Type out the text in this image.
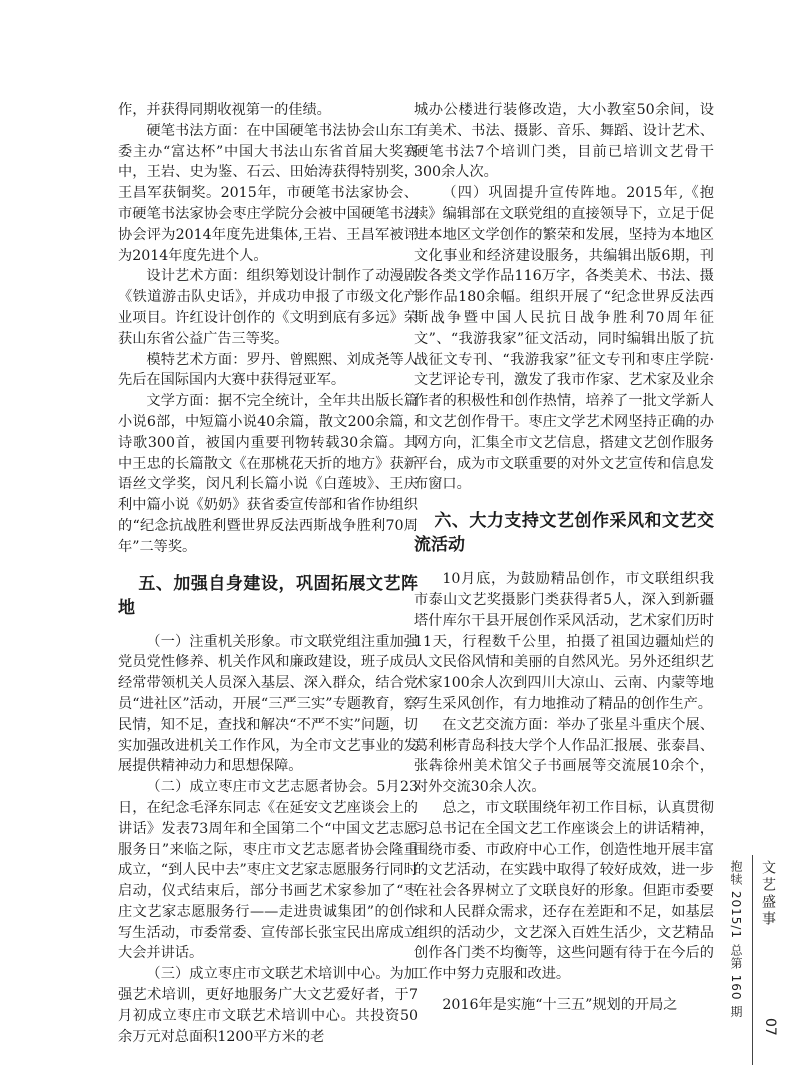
作，并获得同期收视第一的佳绩。

硬笔书法方面：在中国硬笔书法协会山东工委主办“富达杯”中国大书法山东省首届大奖赛中，王岩、史为鉴、石云、田始涛获得特别奖，王昌军获铜奖。2015年，市硬笔书法家协会、市硬笔书法家协会枣庄学院分会被中国硬笔书法协会评为2014年度先进集体,王岩、王昌军被评为2014年度先进个人。

设计艺术方面：组织筹划设计制作了动漫剧《铁道游击队史话》，并成功申报了市级文化产业项目。许红设计创作的《文明到底有多远》荣获山东省公益广告三等奖。

模特艺术方面：罗丹、曾熙熙、刘成尧等人先后在国际国内大赛中获得冠亚军。

文学方面：据不完全统计，全年共出版长篇小说6部，中短篇小说40余篇，散文200余篇，诗歌300首，被国内重要刊物转载30余篇。其中王忠的长篇散文《在那桃花天折的地方》获新语丝文学奖，闵凡利长篇小说《白莲坡》、王庆利中篇小说《奶奶》获省委宣传部和省作协组织的“纪念抗战胜利暨世界反法西斯战争胜利70周年”二等奖。

五、加强自身建设，巩固拓展文艺阵地

（一）注重机关形象。市文联党组注重加强党员党性修养、机关作风和廉政建设，班子成员经常带领机关人员深入基层、深入群众，结合党员“进社区”活动，开展“三严三实”专题教育，察民情，知不足，查找和解决“不严不实”问题，切实加强改进机关工作作风，为全市文艺事业的发展提供精神动力和思想保障。

（二）成立枣庄市文艺志愿者协会。5月23日，在纪念毛泽东同志《在延安文艺座谈会上的讲话》发表73周年和全国第二个“中国文艺志愿服务日”来临之际，枣庄市文艺志愿者协会隆重成立，“到人民中去”枣庄文艺家志愿服务行同时启动，仪式结束后，部分书画艺术家参加了“枣庄文艺家志愿服务行——走进贵诚集团”的创作写生活动，市委常委、宣传部长张宝民出席成立大会并讲话。

（三）成立枣庄市文联艺术培训中心。为加强艺术培训，更好地服务广大文艺爱好者，于7月初成立枣庄市文联艺术培训中心。共投资50余万元对总面积1200平方米的老

城办公楼进行装修改造，大小教室50余间，设有美术、书法、摄影、音乐、舞蹈、设计艺术、硬笔书法7个培训门类，目前已培训文艺骨干300余人次。

（四）巩固提升宣传阵地。2015年,《抱犊》编辑部在文联党组的直接领导下，立足于促进本地区文学创作的繁荣和发展，坚持为本地区文化事业和经济建设服务，共编辑出版6期，刊发各类文学作品116万字，各类美术、书法、摄影作品180余幅。组织开展了“纪念世界反法西斯战争暨中国人民抗日战争胜利70周年征文”、“我游我家”征文活动，同时编辑出版了抗战征文专刊、“我游我家”征文专刊和枣庄学院·文艺评论专刊，激发了我市作家、艺术家及业余作者的积极性和创作热情，培养了一批文学新人和文艺创作骨干。枣庄文学艺术网坚持正确的办网方向，汇集全市文艺信息，搭建文艺创作服务平台，成为市文联重要的对外文艺宣传和信息发布窗口。

六、大力支持文艺创作采风和文艺交流活动

10月底，为鼓励精品创作，市文联组织我市泰山文艺奖摄影门类获得者5人，深入到新疆塔什库尔干县开展创作采风活动，艺术家们历时11天，行程数千公里，拍摄了祖国边疆灿烂的人文民俗风情和美丽的自然风光。另外还组织艺术家100余人次到四川大凉山、云南、内蒙等地写生采风创作，有力地推动了精品的创作生产。

在文艺交流方面：举办了张星斗重庆个展、葛利彬青岛科技大学个人作品汇报展、张泰昌、张犇徐州美术馆父子书画展等交流展10余个，对外交流30余人次。

总之，市文联围绕年初工作目标，认真贯彻习总书记在全国文艺工作座谈会上的讲话精神，围绕市委、市政府中心工作，创造性地开展丰富的文艺活动，在实践中取得了较好成效，进一步在社会各界树立了文联良好的形象。但距市委要求和人民群众需求，还存在差距和不足，如基层组织的活动少，文艺深入百姓生活少，文艺精品创作各门类不均衡等，这些问题有待于在今后的工作中努力克服和改进。

2016年是实施“十三五”规划的开局之	抱犊 2015/1 总第 160 期 文艺盛事
07
